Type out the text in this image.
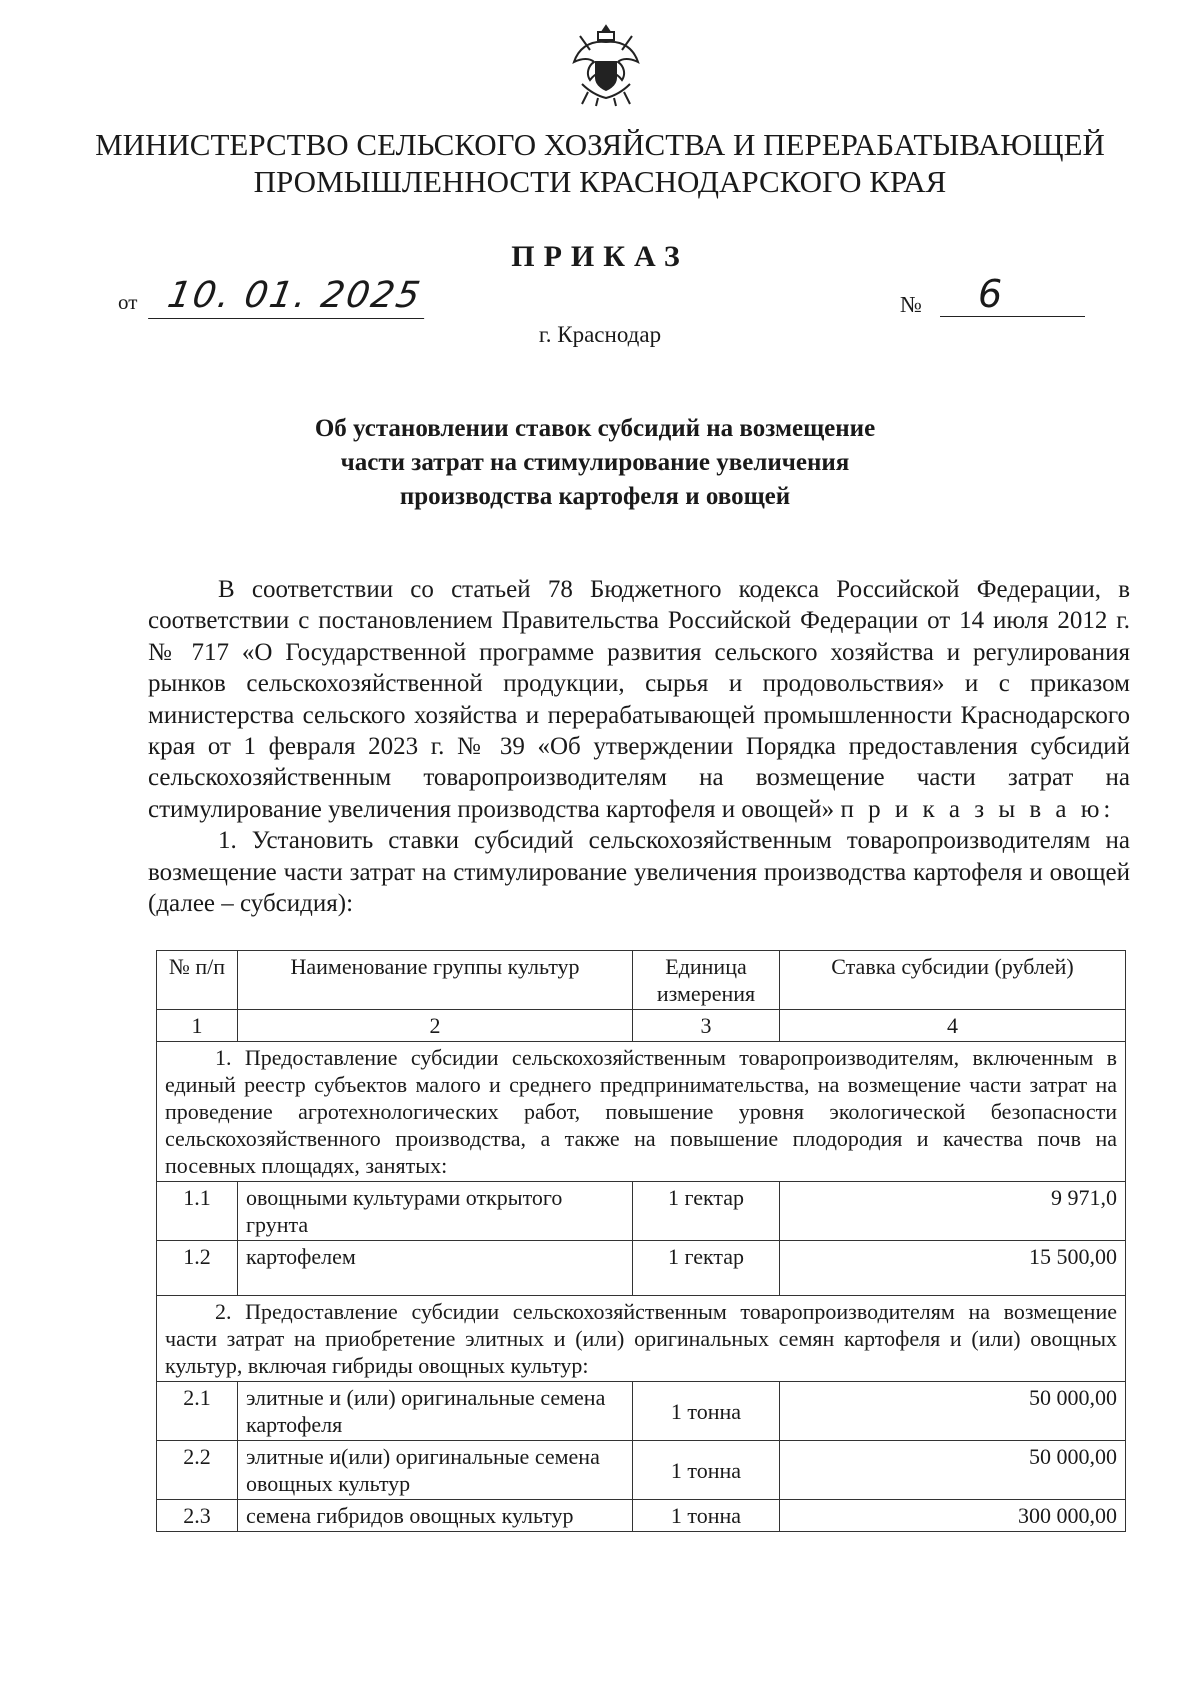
МИНИСТЕРСТВО СЕЛЬСКОГО ХОЗЯЙСТВА И ПЕРЕРАБАТЫВАЮЩЕЙ
ПРОМЫШЛЕННОСТИ КРАСНОДАРСКОГО КРАЯ
ПРИКАЗ
от 10. 01. 2025	№	6
г. Краснодар
Об установлении ставок субсидий на возмещение
части затрат на стимулирование увеличения
производства картофеля и овощей

В соответствии со статьей 78 Бюджетного кодекса Российской Федерации, в соответствии с постановлением Правительства Российской Федерации от 14 июля 2012 г. № 717 «О Государственной программе развития сельского хозяйства и регулирования рынков сельскохозяйственной продукции, сырья и продовольствия» и с приказом министерства сельского хозяйства и перерабатывающей промышленности Краснодарского края от 1 февраля 2023 г. № 39 «Об утверждении Порядка предоставления субсидий сельскохозяйственным товаропроизводителям на возмещение части затрат на стимулирование увеличения производства картофеля и овощей» п р и к а з ы в а ю:

1. Установить ставки субсидий сельскохозяйственным товаропроизводителям на возмещение части затрат на стимулирование увеличения производства картофеля и овощей (далее – субсидия):

№ п/п	Наименование группы культур	Единица измерения	Ставка субсидии (рублей)
1	2	3	4

1. Предоставление субсидии сельскохозяйственным товаропроизводителям, включенным в единый реестр субъектов малого и среднего предпринимательства, на возмещение части затрат на проведение агротехнологических работ, повышение уровня экологической безопасности сельскохозяйственного производства, а также на повышение плодородия и качества почв на посевных площадях, занятых:			

1.1	овощными культурами открытого грунта	1 гектар	9 971,0
1.2	картофелем	1 гектар	15 500,00

2. Предоставление субсидии сельскохозяйственным товаропроизводителям на возмещение части затрат на приобретение элитных и (или) оригинальных семян картофеля и (или) овощных культур, включая гибриды овощных культур:			

2.1	элитные и (или) оригинальные семена картофеля	1 тонна	50 000,00
2.2	элитные и(или) оригинальные семена овощных культур	1 тонна	50 000,00
2.3	семена гибридов овощных культур	1 тонна	300 000,00
